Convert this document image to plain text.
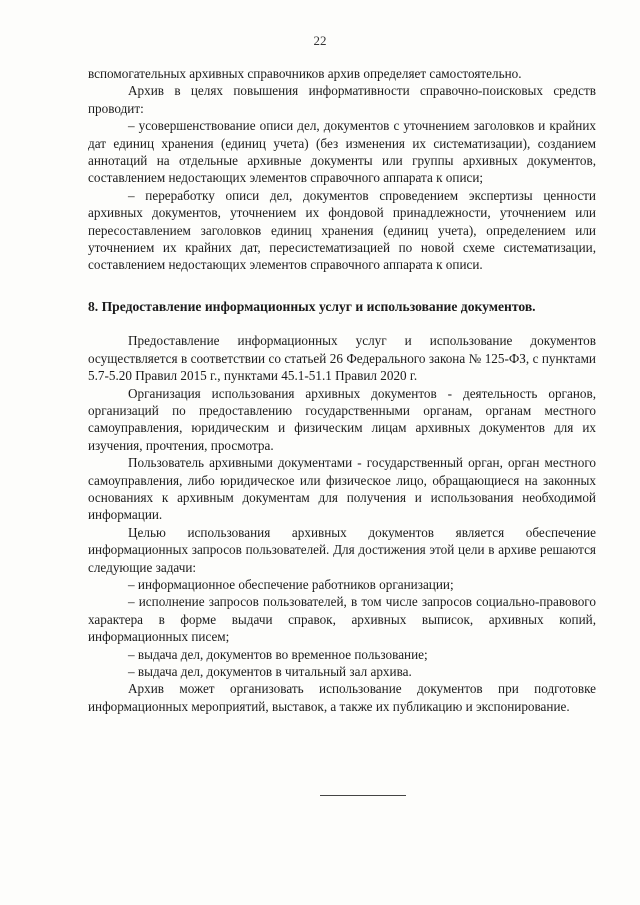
22

вспомогательных архивных справочников архив определяет самостоятельно.

Архив в целях повышения информативности справочно-поисковых средств проводит:

– усовершенствование описи дел, документов с уточнением заголовков и крайних дат единиц хранения (единиц учета) (без изменения их систематизации), созданием аннотаций на отдельные архивные документы или группы архивных документов, составлением недостающих элементов справочного аппарата к описи;

– переработку описи дел, документов спроведением экспертизы ценности архивных документов, уточнением их фондовой принадлежности, уточнением или пересоставлением заголовков единиц хранения (единиц учета), определением или уточнением их крайних дат, пересистематизацией по новой схеме систематизации, составлением недостающих элементов справочного аппарата к описи.

8. Предоставление информационных услуг и использование документов.

Предоставление информационных услуг и использование документов осуществляется в соответствии со статьей 26 Федерального закона № 125-ФЗ, с пунктами 5.7-5.20 Правил 2015 г., пунктами 45.1-51.1 Правил 2020 г.

Организация использования архивных документов - деятельность органов, организаций по предоставлению государственными органам, органам местного самоуправления, юридическим и физическим лицам архивных документов для их изучения, прочтения, просмотра.

Пользователь архивными документами - государственный орган, орган местного самоуправления, либо юридическое или физическое лицо, обращающиеся на законных основаниях к архивным документам для получения и использования необходимой информации.

Целью использования архивных документов является обеспечение информационных запросов пользователей. Для достижения этой цели в архиве решаются следующие задачи:

– информационное обеспечение работников организации;

– исполнение запросов пользователей, в том числе запросов социально-правового характера в форме выдачи справок, архивных выписок, архивных копий, информационных писем;

– выдача дел, документов во временное пользование;

– выдача дел, документов в читальный зал архива.

Архив может организовать использование документов при подготовке информационных мероприятий, выставок, а также их публикацию и экспонирование.
